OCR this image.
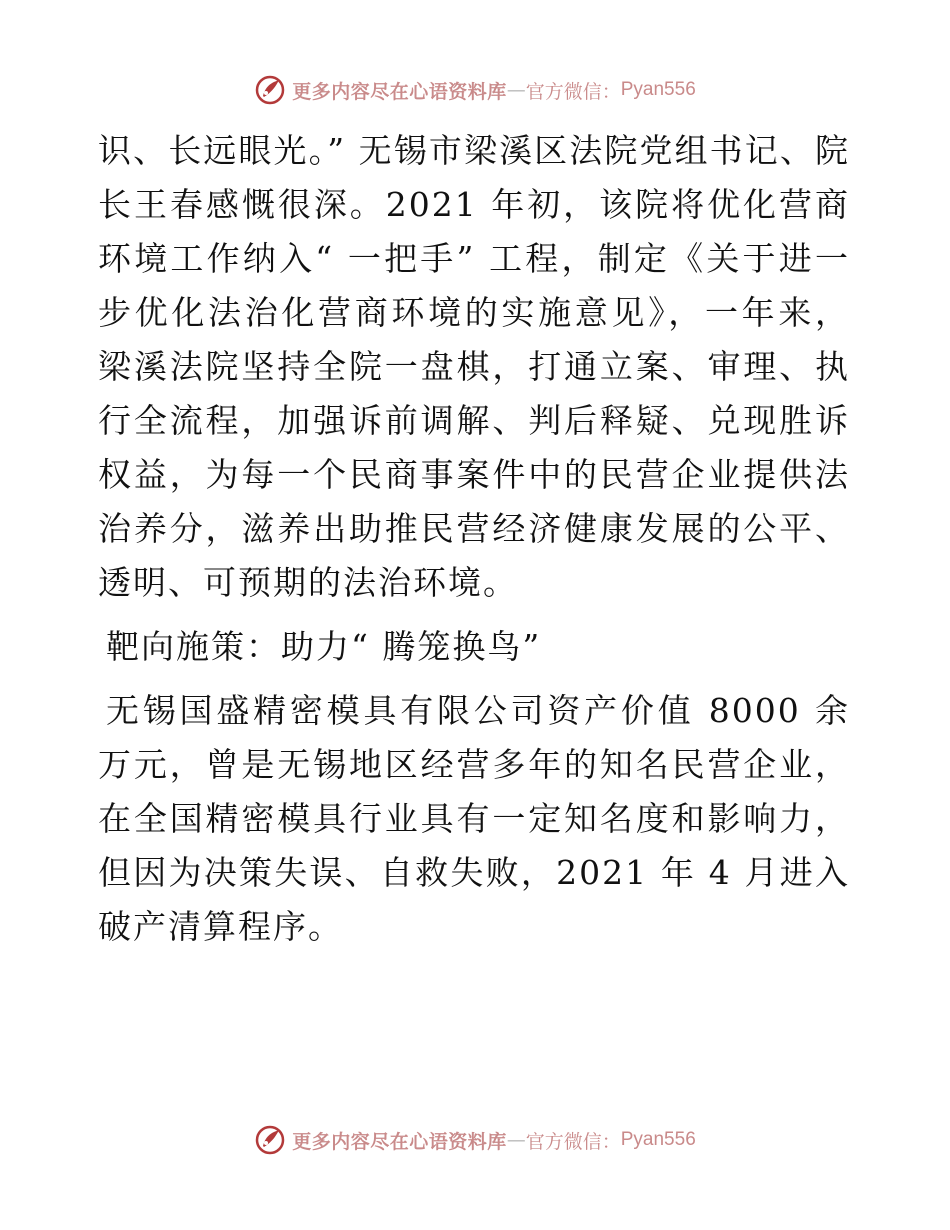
更多内容尽在心语资料库 — 官方微信： Pyan556

识、长远眼光。” 无锡市梁溪区法院党组书记、院长王春感慨很深。2021 年初，该院将优化营商环境工作纳入“ 一把手” 工程，制定《关于进一步优化法治化营商环境的实施意见》，一年来，梁溪法院坚持全院一盘棋，打通立案、审理、执行全流程，加强诉前调解、判后释疑、兑现胜诉权益，为每一个民商事案件中的民营企业提供法治养分，滋养出助推民营经济健康发展的公平、透明、可预期的法治环境。

靶向施策：助力“ 腾笼换鸟”

无锡国盛精密模具有限公司资产价值 8000 余万元，曾是无锡地区经营多年的知名民营企业，在全国精密模具行业具有一定知名度和影响力，但因为决策失误、自救失败，2021 年 4 月进入破产清算程序。

更多内容尽在心语资料库 — 官方微信： Pyan556
